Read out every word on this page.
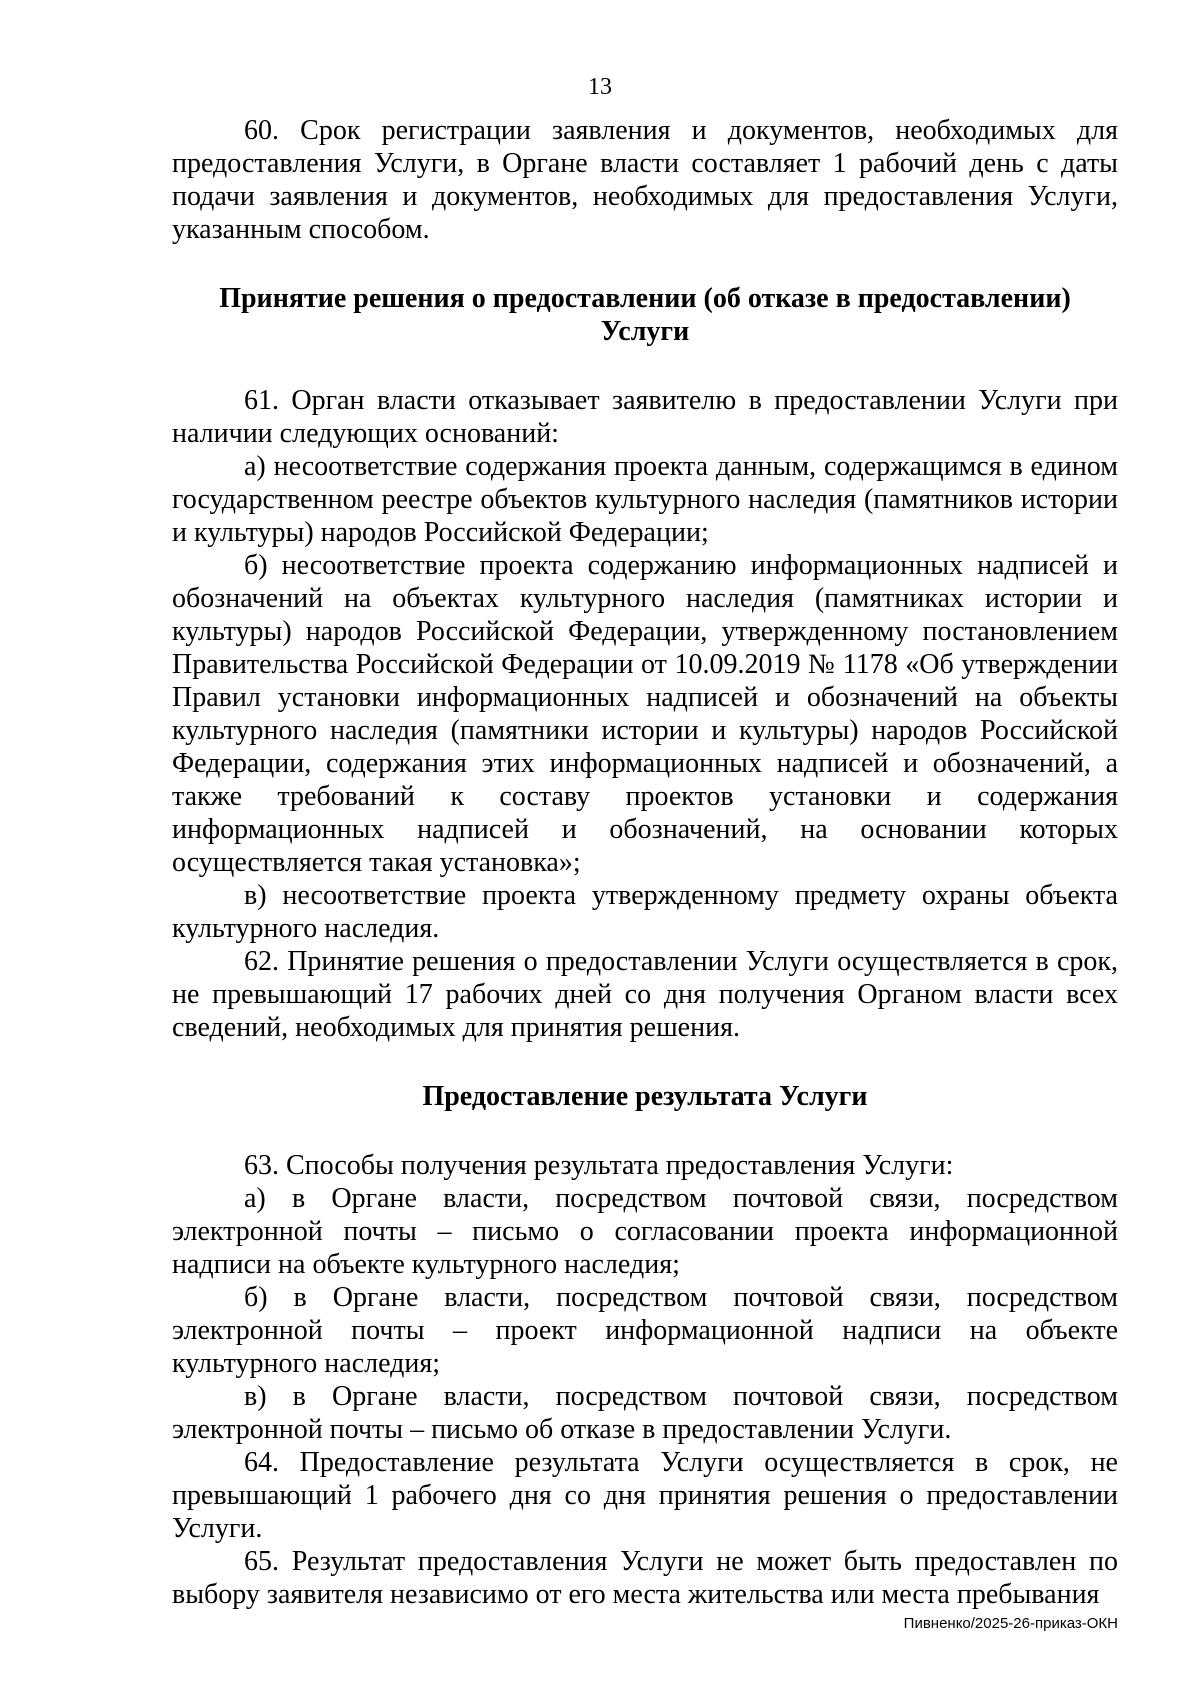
13

60. Срок регистрации заявления и документов, необходимых для предоставления Услуги, в Органе власти составляет 1 рабочий день с даты подачи заявления и документов, необходимых для предоставления Услуги, указанным способом.

Принятие решения о предоставлении (об отказе в предоставлении) Услуги

61. Орган власти отказывает заявителю в предоставлении Услуги при наличии следующих оснований:

а) несоответствие содержания проекта данным, содержащимся в едином государственном реестре объектов культурного наследия (памятников истории и культуры) народов Российской Федерации;

б) несоответствие проекта содержанию информационных надписей и обозначений на объектах культурного наследия (памятниках истории и культуры) народов Российской Федерации, утвержденному постановлением Правительства Российской Федерации от 10.09.2019 № 1178 «Об утверждении Правил установки информационных надписей и обозначений на объекты культурного наследия (памятники истории и культуры) народов Российской Федерации, содержания этих информационных надписей и обозначений, а также требований к составу проектов установки и содержания информационных надписей и обозначений, на основании которых осуществляется такая установка»;

в) несоответствие проекта утвержденному предмету охраны объекта культурного наследия.

62. Принятие решения о предоставлении Услуги осуществляется в срок, не превышающий 17 рабочих дней со дня получения Органом власти всех сведений, необходимых для принятия решения.

Предоставление результата Услуги

63. Способы получения результата предоставления Услуги:

а) в Органе власти, посредством почтовой связи, посредством электронной почты – письмо о согласовании проекта информационной надписи на объекте культурного наследия;

б) в Органе власти, посредством почтовой связи, посредством электронной почты – проект информационной надписи на объекте культурного наследия;

в) в Органе власти, посредством почтовой связи, посредством электронной почты – письмо об отказе в предоставлении Услуги.

64. Предоставление результата Услуги осуществляется в срок, не превышающий 1 рабочего дня со дня принятия решения о предоставлении Услуги.

65. Результат предоставления Услуги не может быть предоставлен по выбору заявителя независимо от его места жительства или места пребывания

Пивненко/2025-26-приказ-ОКН
